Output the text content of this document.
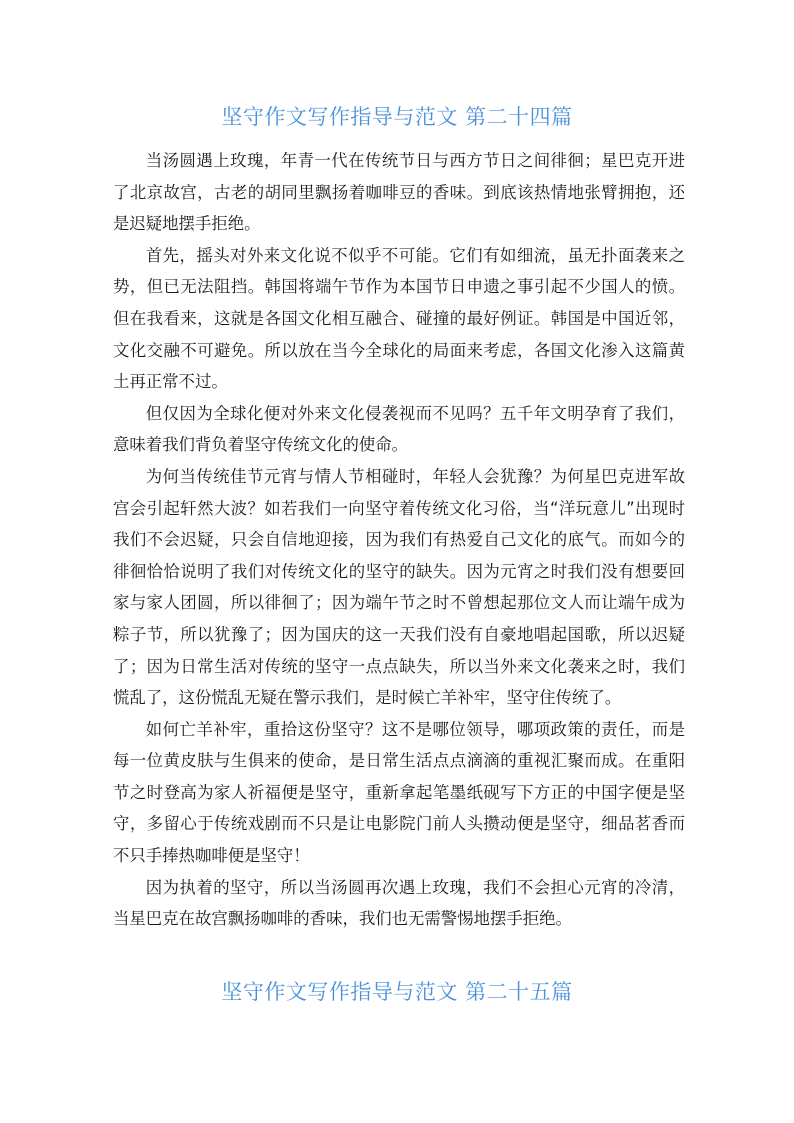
坚守作文写作指导与范文 第二十四篇

当汤圆遇上玫瑰，年青一代在传统节日与西方节日之间徘徊；星巴克开进了北京故宫，古老的胡同里飘扬着咖啡豆的香味。到底该热情地张臂拥抱，还是迟疑地摆手拒绝。

首先，摇头对外来文化说不似乎不可能。它们有如细流，虽无扑面袭来之势，但已无法阻挡。韩国将端午节作为本国节日申遗之事引起不少国人的愤。但在我看来，这就是各国文化相互融合、碰撞的最好例证。韩国是中国近邻，文化交融不可避免。所以放在当今全球化的局面来考虑，各国文化渗入这篇黄土再正常不过。

但仅因为全球化便对外来文化侵袭视而不见吗？五千年文明孕育了我们，意味着我们背负着坚守传统文化的使命。

为何当传统佳节元宵与情人节相碰时，年轻人会犹豫？为何星巴克进军故宫会引起轩然大波？如若我们一向坚守着传统文化习俗，当“洋玩意儿”出现时我们不会迟疑，只会自信地迎接，因为我们有热爱自己文化的底气。而如今的徘徊恰恰说明了我们对传统文化的坚守的缺失。因为元宵之时我们没有想要回家与家人团圆，所以徘徊了；因为端午节之时不曾想起那位文人而让端午成为粽子节，所以犹豫了；因为国庆的这一天我们没有自豪地唱起国歌，所以迟疑了；因为日常生活对传统的坚守一点点缺失，所以当外来文化袭来之时，我们慌乱了，这份慌乱无疑在警示我们，是时候亡羊补牢，坚守住传统了。

如何亡羊补牢，重拾这份坚守？这不是哪位领导，哪项政策的责任，而是每一位黄皮肤与生俱来的使命，是日常生活点点滴滴的重视汇聚而成。在重阳节之时登高为家人祈福便是坚守，重新拿起笔墨纸砚写下方正的中国字便是坚守，多留心于传统戏剧而不只是让电影院门前人头攒动便是坚守，细品茗香而不只手捧热咖啡便是坚守！

因为执着的坚守，所以当汤圆再次遇上玫瑰，我们不会担心元宵的冷清，当星巴克在故宫飘扬咖啡的香味，我们也无需警惕地摆手拒绝。

坚守作文写作指导与范文 第二十五篇
